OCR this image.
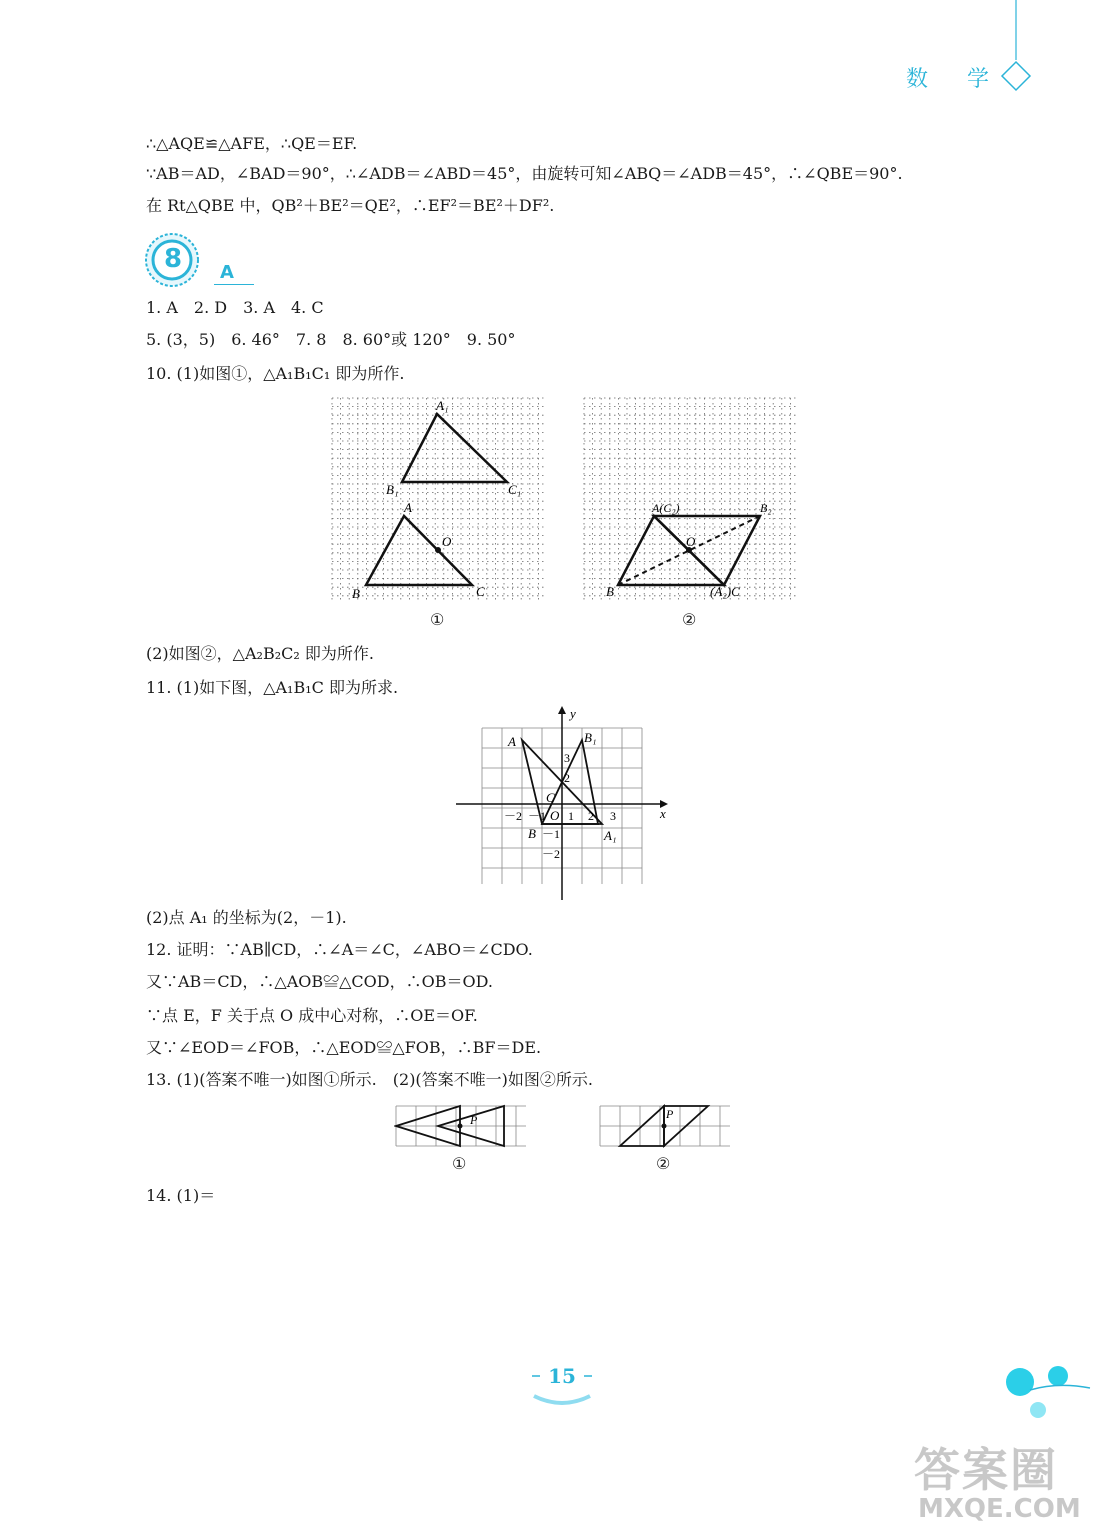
数 学
∴△AQE≌△AFE，∴QE＝EF.
∵AB＝AD，∠BAD＝90°，∴∠ADB＝∠ABD＝45°，由旋转可知∠ABQ＝∠ADB＝45°，∴∠QBE＝90°.
在 Rt△QBE 中，QB²＋BE²＝QE²，∴EF²＝BE²＋DF².
8	A
1. A　2. D　3. A　4. C
5. (3，5)　6. 46°　7. 8　8. 60°或 120°　9. 50°
10. (1)如图①，△A₁B₁C₁ 即为所作.
A₁
B₁	C₁
A
B	C
O
①
A(C₂)	B₂
O
B	(A₂)C
②
(2)如图②，△A₂B₂C₂ 即为所作.
11. (1)如下图，△A₁B₁C 即为所求.
x
y
A	B₁
C
O
B	A₁
－2 －1 1 2 3
3
2
－1
－2
(2)点 A₁ 的坐标为(2，－1).
12. 证明：∵AB∥CD，∴∠A＝∠C，∠ABO＝∠CDO.
又∵AB＝CD，∴△AOB≌△COD，∴OB＝OD.
∵点 E，F 关于点 O 成中心对称，∴OE＝OF.
又∵∠EOD＝∠FOB，∴△EOD≌△FOB，∴BF＝DE.
13. (1)(答案不唯一)如图①所示.　(2)(答案不唯一)如图②所示.
P
①
P
②
14. (1)＝
15
答案圈
MXQE.COM
